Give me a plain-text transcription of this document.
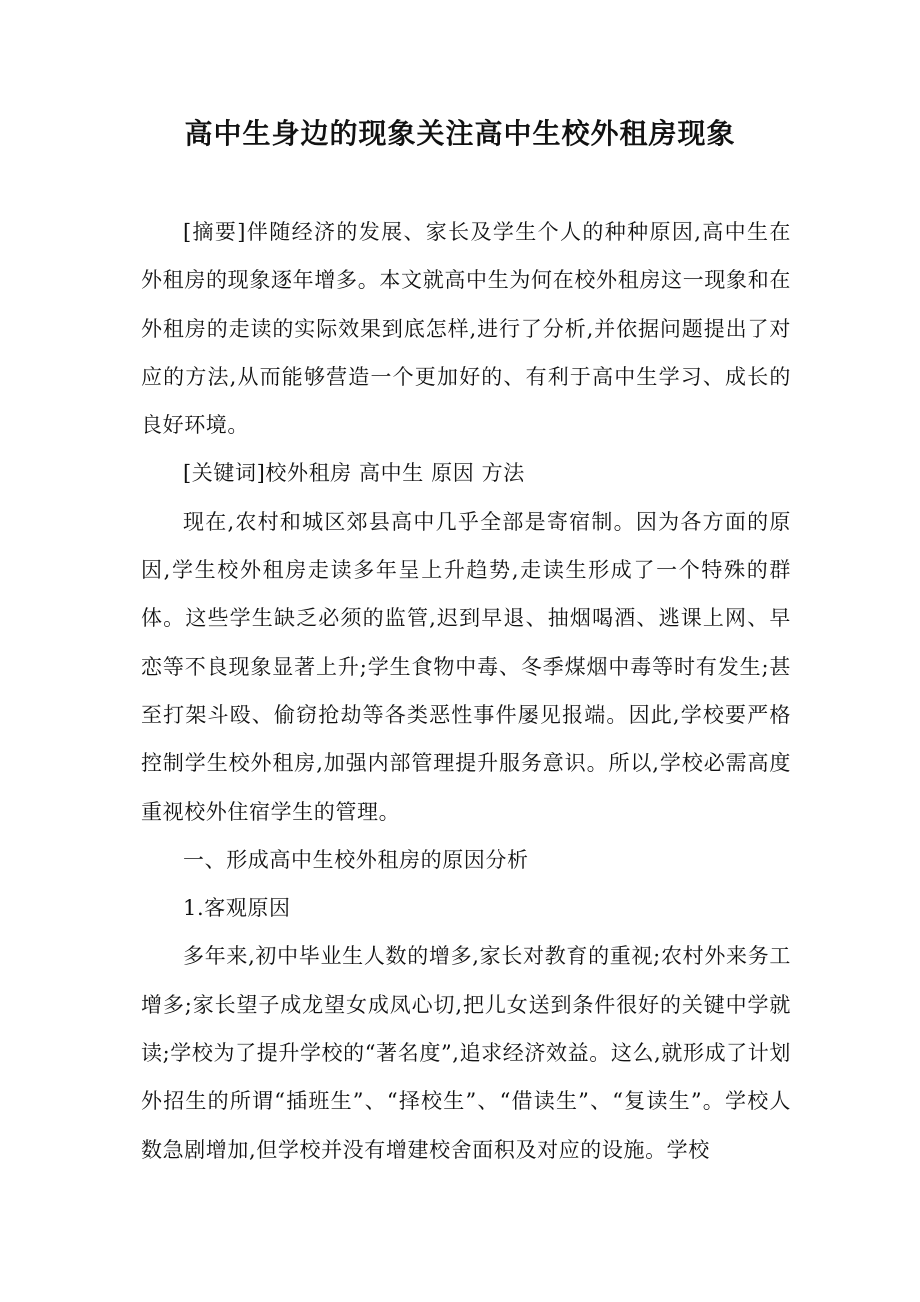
高中生身边的现象关注高中生校外租房现象

[摘要]伴随经济的发展、家长及学生个人的种种原因,高中生在外租房的现象逐年增多。本文就高中生为何在校外租房这一现象和在外租房的走读的实际效果到底怎样,进行了分析,并依据问题提出了对应的方法,从而能够营造一个更加好的、有利于高中生学习、成长的良好环境。

[关键词]校外租房 高中生 原因 方法

现在,农村和城区郊县高中几乎全部是寄宿制。因为各方面的原因,学生校外租房走读多年呈上升趋势,走读生形成了一个特殊的群体。这些学生缺乏必须的监管,迟到早退、抽烟喝酒、逃课上网、早恋等不良现象显著上升;学生食物中毒、冬季煤烟中毒等时有发生;甚至打架斗殴、偷窃抢劫等各类恶性事件屡见报端。因此,学校要严格控制学生校外租房,加强内部管理提升服务意识。所以,学校必需高度重视校外住宿学生的管理。

一、形成高中生校外租房的原因分析

1.客观原因

多年来,初中毕业生人数的增多,家长对教育的重视;农村外来务工增多;家长望子成龙望女成凤心切,把儿女送到条件很好的关键中学就读;学校为了提升学校的“著名度”,追求经济效益。这么,就形成了计划外招生的所谓“插班生”、“择校生”、“借读生”、“复读生”。学校人数急剧增加,但学校并没有增建校舍面积及对应的设施。学校
